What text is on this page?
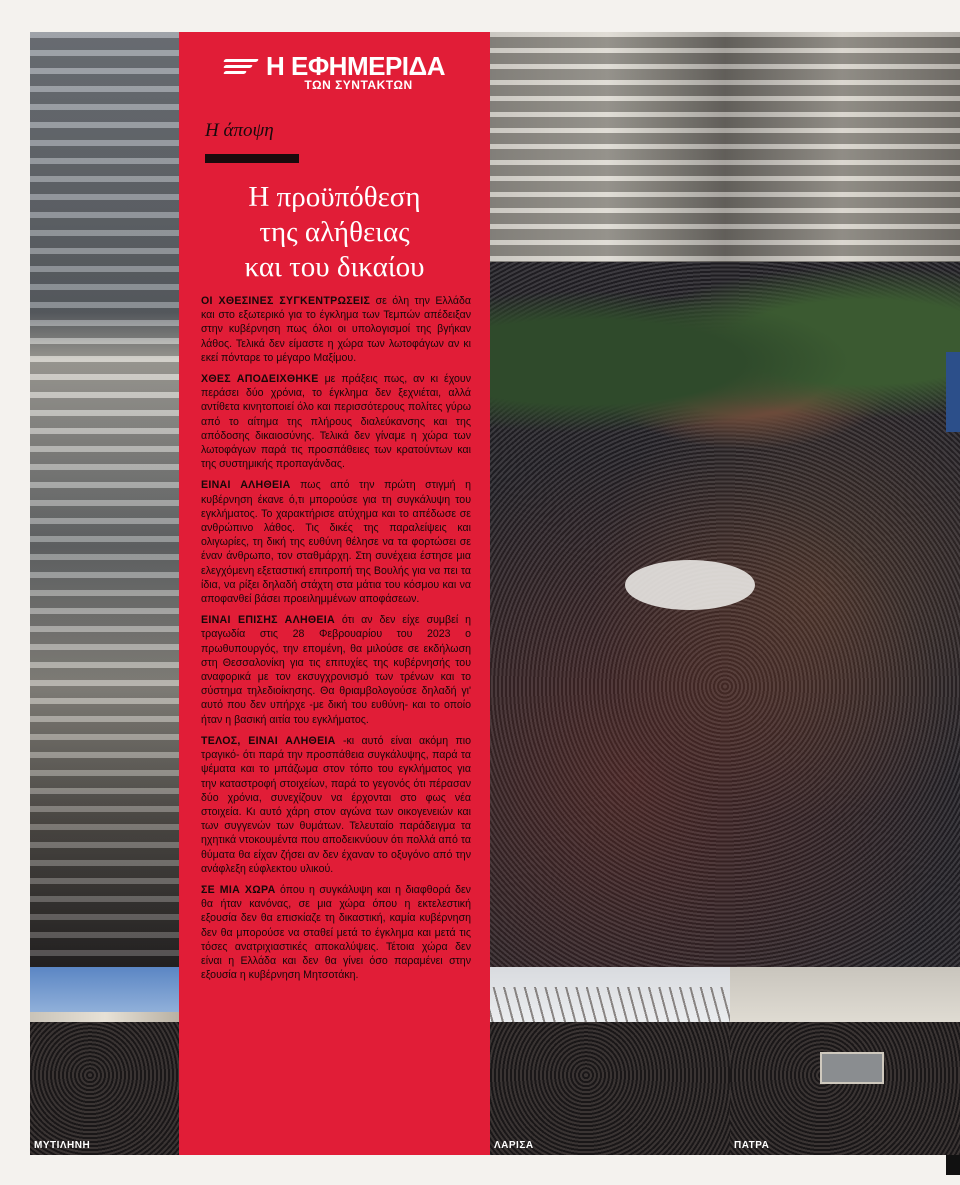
ΜΥΤΙΛΗΝΗ	ΛΑΡΙΣΑ	ΠΑΤΡΑ
Η ΕΦΗΜΕΡΙΔΑ
ΤΩΝ ΣΥΝΤΑΚΤΩΝ
Η άποψη
Η προϋπόθεση
της αλήθειας
και του δικαίου

ΟΙ ΧΘΕΣΙΝΕΣ ΣΥΓΚΕΝΤΡΩΣΕΙΣ σε όλη την Ελλάδα και στο εξωτερικό για το έγκλημα των Τεμπών απέδειξαν στην κυβέρνηση πως όλοι οι υπολογισμοί της βγήκαν λάθος. Τελικά δεν είμαστε η χώρα των λωτοφάγων αν κι εκεί πόνταρε το μέγαρο Μαξίμου.

ΧΘΕΣ ΑΠΟΔΕΙΧΘΗΚΕ με πράξεις πως, αν κι έχουν περάσει δύο χρόνια, το έγκλημα δεν ξεχνιέται, αλλά αντίθετα κινητοποιεί όλο και περισσότερους πολίτες γύρω από το αίτημα της πλήρους διαλεύκανσης και της απόδοσης δικαιοσύνης. Τελικά δεν γίναμε η χώρα των λωτοφάγων παρά τις προσπάθειες των κρατούντων και της συστημικής προπαγάνδας.

ΕΙΝΑΙ ΑΛΗΘΕΙΑ πως από την πρώτη στιγμή η κυβέρνηση έκανε ό,τι μπορούσε για τη συγκάλυψη του εγκλήματος. Το χαρακτήρισε ατύχημα και το απέδωσε σε ανθρώπινο λάθος. Τις δικές της παραλείψεις και ολιγωρίες, τη δική της ευθύνη θέλησε να τα φορτώσει σε έναν άνθρωπο, τον σταθμάρχη. Στη συνέχεια έστησε μια ελεγχόμενη εξεταστική επιτροπή της Βουλής για να πει τα ίδια, να ρίξει δηλαδή στάχτη στα μάτια του κόσμου και να αποφανθεί βάσει προειλημμένων αποφάσεων.

ΕΙΝΑΙ ΕΠΙΣΗΣ ΑΛΗΘΕΙΑ ότι αν δεν είχε συμβεί η τραγωδία στις 28 Φεβρουαρίου του 2023 ο πρωθυπουργός, την επομένη, θα μιλούσε σε εκδήλωση στη Θεσσαλονίκη για τις επιτυχίες της κυβέρνησής του αναφορικά με τον εκσυγχρονισμό των τρένων και το σύστημα τηλεδιοίκησης. Θα θριαμβολογούσε δηλαδή γι' αυτό που δεν υπήρχε -με δική του ευθύνη- και το οποίο ήταν η βασική αιτία του εγκλήματος.

ΤΕΛΟΣ, ΕΙΝΑΙ ΑΛΗΘΕΙΑ -κι αυτό είναι ακόμη πιο τραγικό- ότι παρά την προσπάθεια συγκάλυψης, παρά τα ψέματα και το μπάζωμα στον τόπο του εγκλήματος για την καταστροφή στοιχείων, παρά το γεγονός ότι πέρασαν δύο χρόνια, συνεχίζουν να έρχονται στο φως νέα στοιχεία. Κι αυτό χάρη στον αγώνα των οικογενειών και των συγγενών των θυμάτων. Τελευταίο παράδειγμα τα ηχητικά ντοκουμέντα που αποδεικνύουν ότι πολλά από τα θύματα θα είχαν ζήσει αν δεν έχαναν το οξυγόνο από την ανάφλεξη εύφλεκτου υλικού.

ΣΕ ΜΙΑ ΧΩΡΑ όπου η συγκάλυψη και η διαφθορά δεν θα ήταν κανόνας, σε μια χώρα όπου η εκτελεστική εξουσία δεν θα επισκίαζε τη δικαστική, καμία κυβέρνηση δεν θα μπορούσε να σταθεί μετά το έγκλημα και μετά τις τόσες ανατριχιαστικές αποκαλύψεις. Τέτοια χώρα δεν είναι η Ελλάδα και δεν θα γίνει όσο παραμένει στην εξουσία η κυβέρνηση Μητσοτάκη.
